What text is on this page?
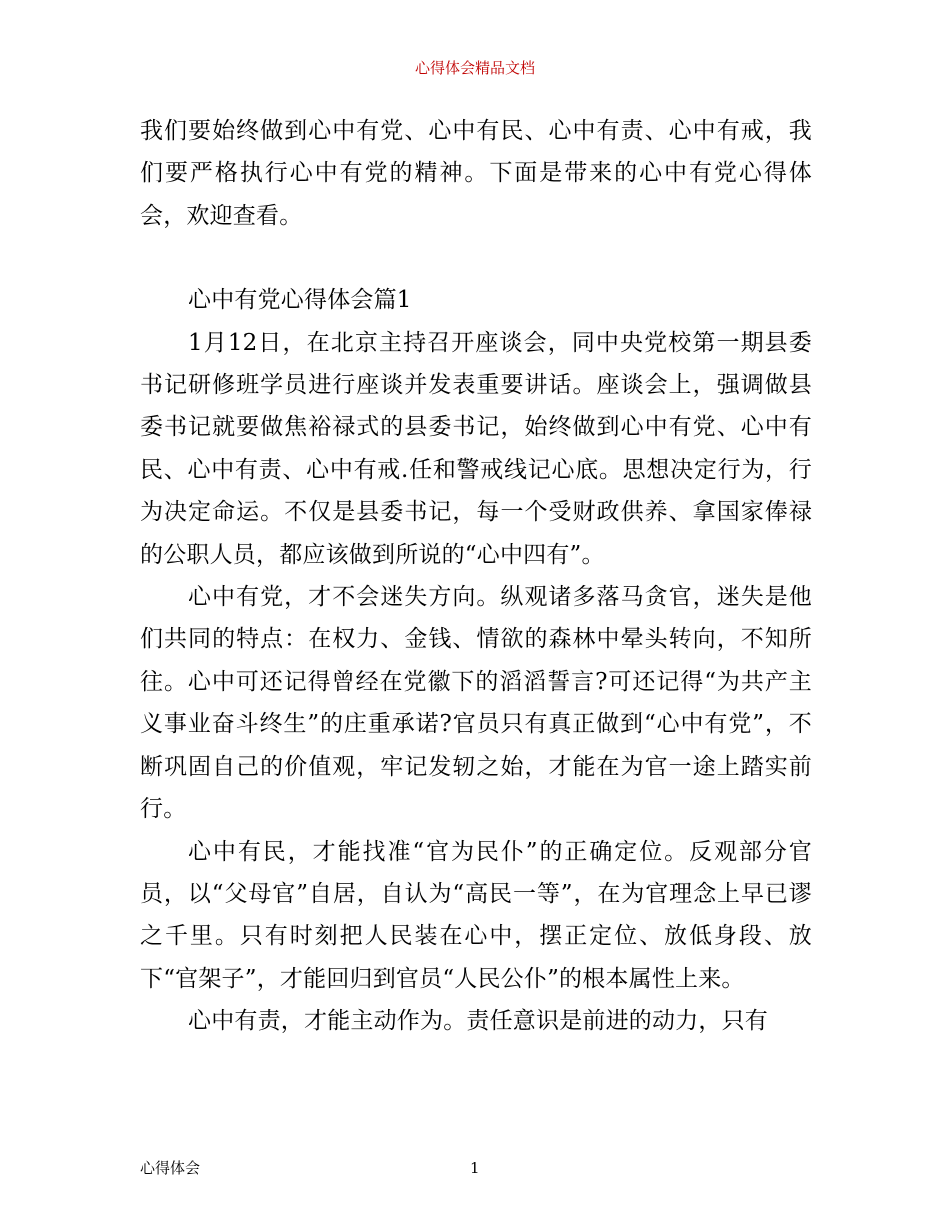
心得体会精品文档

我们要始终做到心中有党、心中有民、心中有责、心中有戒，我们要严格执行心中有党的精神。下面是带来的心中有党心得体会，欢迎查看。

心中有党心得体会篇1

1月12日，在北京主持召开座谈会，同中央党校第一期县委书记研修班学员进行座谈并发表重要讲话。座谈会上，强调做县委书记就要做焦裕禄式的县委书记，始终做到心中有党、心中有民、心中有责、心中有戒.任和警戒线记心底。思想决定行为，行为决定命运。不仅是县委书记，每一个受财政供养、拿国家俸禄的公职人员，都应该做到所说的“心中四有”。

心中有党，才不会迷失方向。纵观诸多落马贪官，迷失是他们共同的特点：在权力、金钱、情欲的森林中晕头转向，不知所往。心中可还记得曾经在党徽下的滔滔誓言?可还记得“为共产主义事业奋斗终生”的庄重承诺?官员只有真正做到“心中有党”，不断巩固自己的价值观，牢记发轫之始，才能在为官一途上踏实前行。

心中有民，才能找准“官为民仆”的正确定位。反观部分官员，以“父母官”自居，自认为“高民一等”，在为官理念上早已谬之千里。只有时刻把人民装在心中，摆正定位、放低身段、放下“官架子”，才能回归到官员“人民公仆”的根本属性上来。

心中有责，才能主动作为。责任意识是前进的动力，只有

心得体会	1
